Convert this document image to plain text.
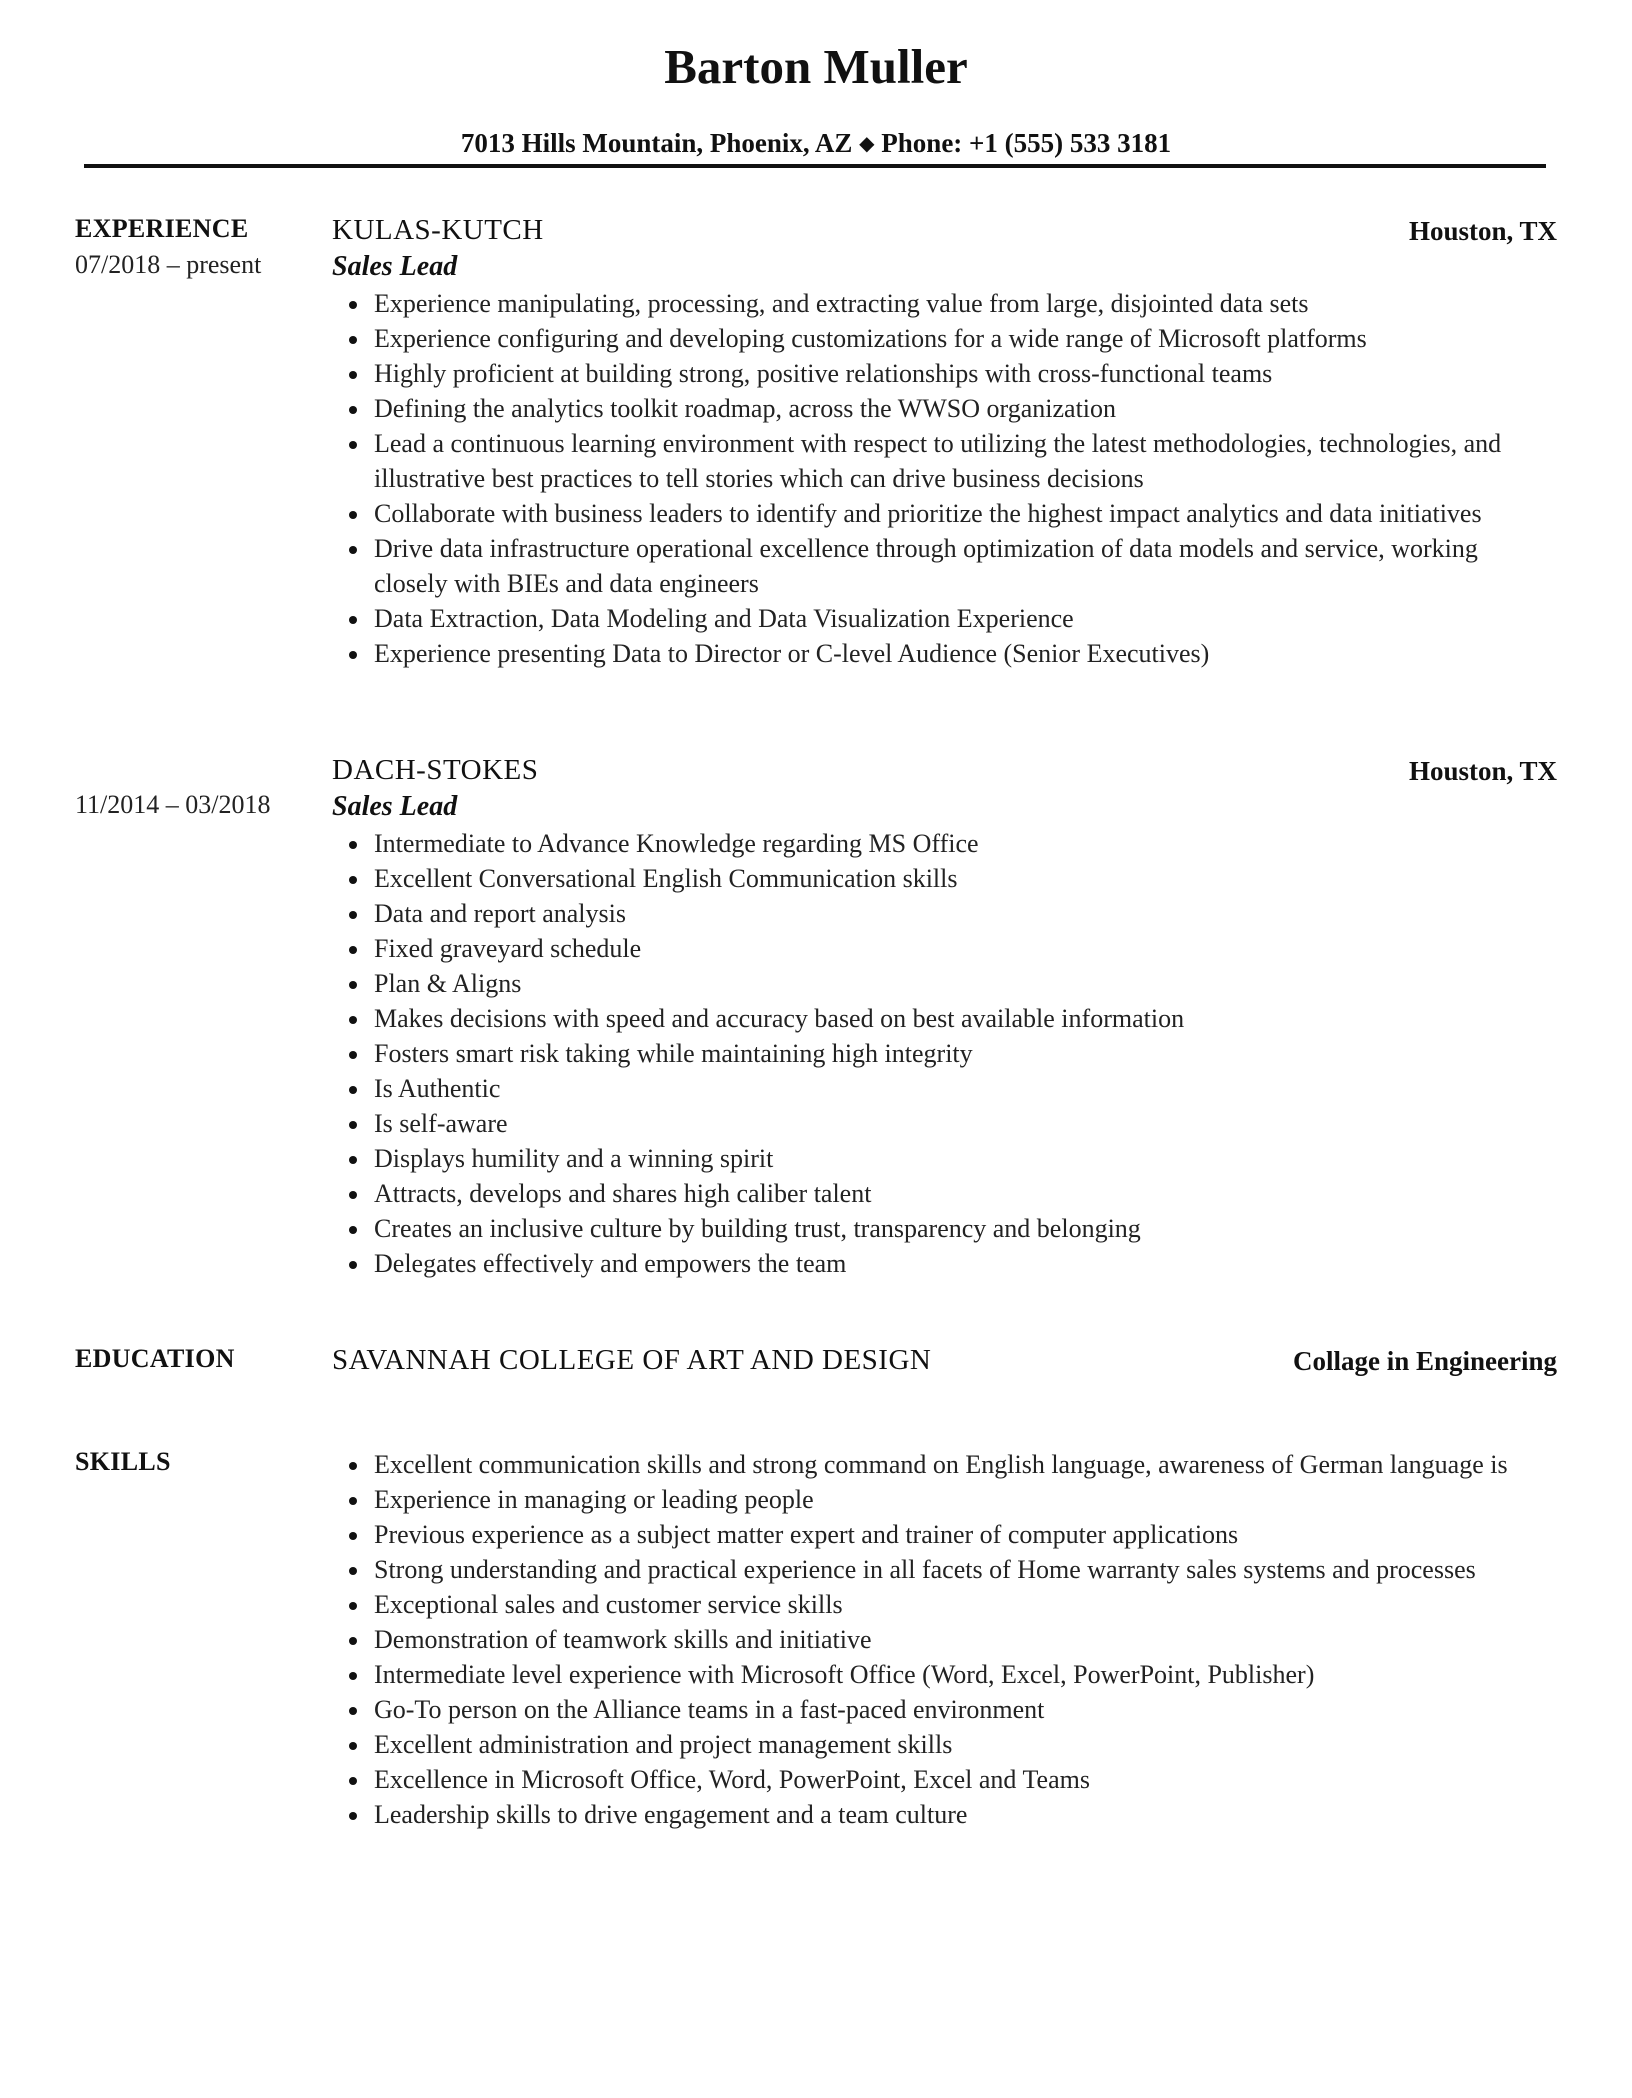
Barton Muller
7013 Hills Mountain, Phoenix, AZ ◆ Phone: +1 (555) 533 3181
EXPERIENCE
07/2018 – present
KULAS-KUTCH	Houston, TX
Sales Lead
Experience manipulating, processing, and extracting value from large, disjointed data sets
Experience configuring and developing customizations for a wide range of Microsoft platforms
Highly proficient at building strong, positive relationships with cross-functional teams
Defining the analytics toolkit roadmap, across the WWSO organization
Lead a continuous learning environment with respect to utilizing the latest methodologies, technologies, and illustrative best practices to tell stories which can drive business decisions
Collaborate with business leaders to identify and prioritize the highest impact analytics and data initiatives
Drive data infrastructure operational excellence through optimization of data models and service, working closely with BIEs and data engineers
Data Extraction, Data Modeling and Data Visualization Experience
Experience presenting Data to Director or C-level Audience (Senior Executives)
11/2014 – 03/2018
DACH-STOKES	Houston, TX
Sales Lead
Intermediate to Advance Knowledge regarding MS Office
Excellent Conversational English Communication skills
Data and report analysis
Fixed graveyard schedule
Plan & Aligns
Makes decisions with speed and accuracy based on best available information
Fosters smart risk taking while maintaining high integrity
Is Authentic
Is self-aware
Displays humility and a winning spirit
Attracts, develops and shares high caliber talent
Creates an inclusive culture by building trust, transparency and belonging
Delegates effectively and empowers the team
EDUCATION	SAVANNAH COLLEGE OF ART AND DESIGN	Collage in Engineering
SKILLS	Excellent communication skills and strong command on English language, awareness of German language is
Experience in managing or leading people
Previous experience as a subject matter expert and trainer of computer applications
Strong understanding and practical experience in all facets of Home warranty sales systems and processes
Exceptional sales and customer service skills
Demonstration of teamwork skills and initiative
Intermediate level experience with Microsoft Office (Word, Excel, PowerPoint, Publisher)
Go-To person on the Alliance teams in a fast-paced environment
Excellent administration and project management skills
Excellence in Microsoft Office, Word, PowerPoint, Excel and Teams
Leadership skills to drive engagement and a team culture
